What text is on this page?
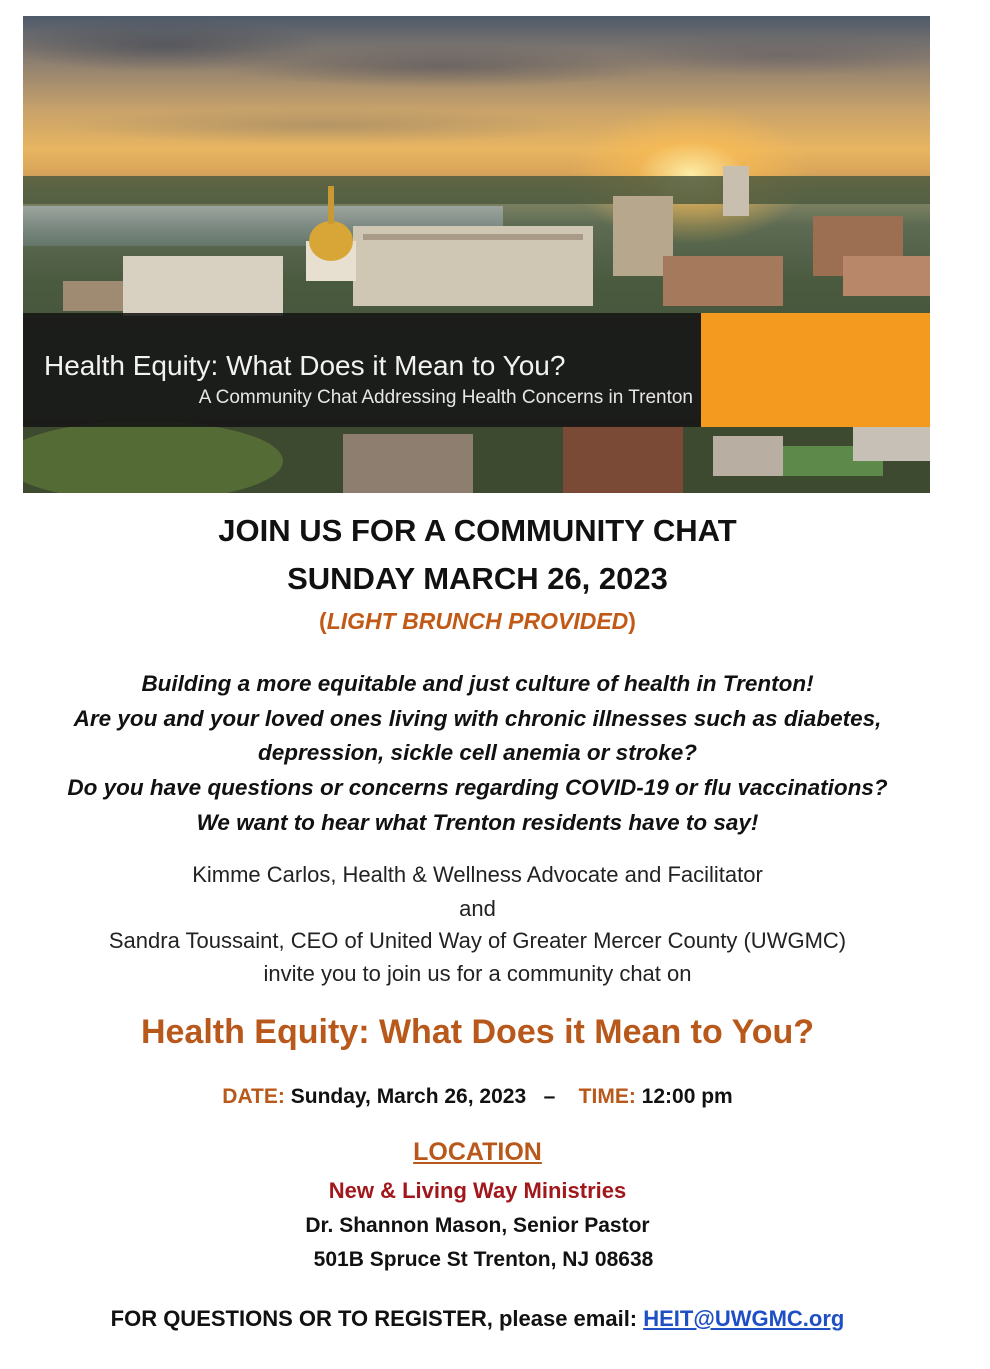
Health Equity: What Does it Mean to You?
A Community Chat Addressing Health Concerns in Trenton
JOIN US FOR A COMMUNITY CHAT
SUNDAY MARCH 26, 2023
(LIGHT BRUNCH PROVIDED)
Building a more equitable and just culture of health in Trenton!
Are you and your loved ones living with chronic illnesses such as diabetes,
depression, sickle cell anemia or stroke?
Do you have questions or concerns regarding COVID-19 or flu vaccinations?
We want to hear what Trenton residents have to say!
Kimme Carlos, Health & Wellness Advocate and Facilitator
and
Sandra Toussaint, CEO of United Way of Greater Mercer County (UWGMC)
invite you to join us for a community chat on
Health Equity: What Does it Mean to You?
DATE: Sunday, March 26, 2023 – TIME: 12:00 pm
LOCATION
New & Living Way Ministries
Dr. Shannon Mason, Senior Pastor
501B Spruce St Trenton, NJ 08638
FOR QUESTIONS OR TO REGISTER, please email: HEIT@UWGMC.org
